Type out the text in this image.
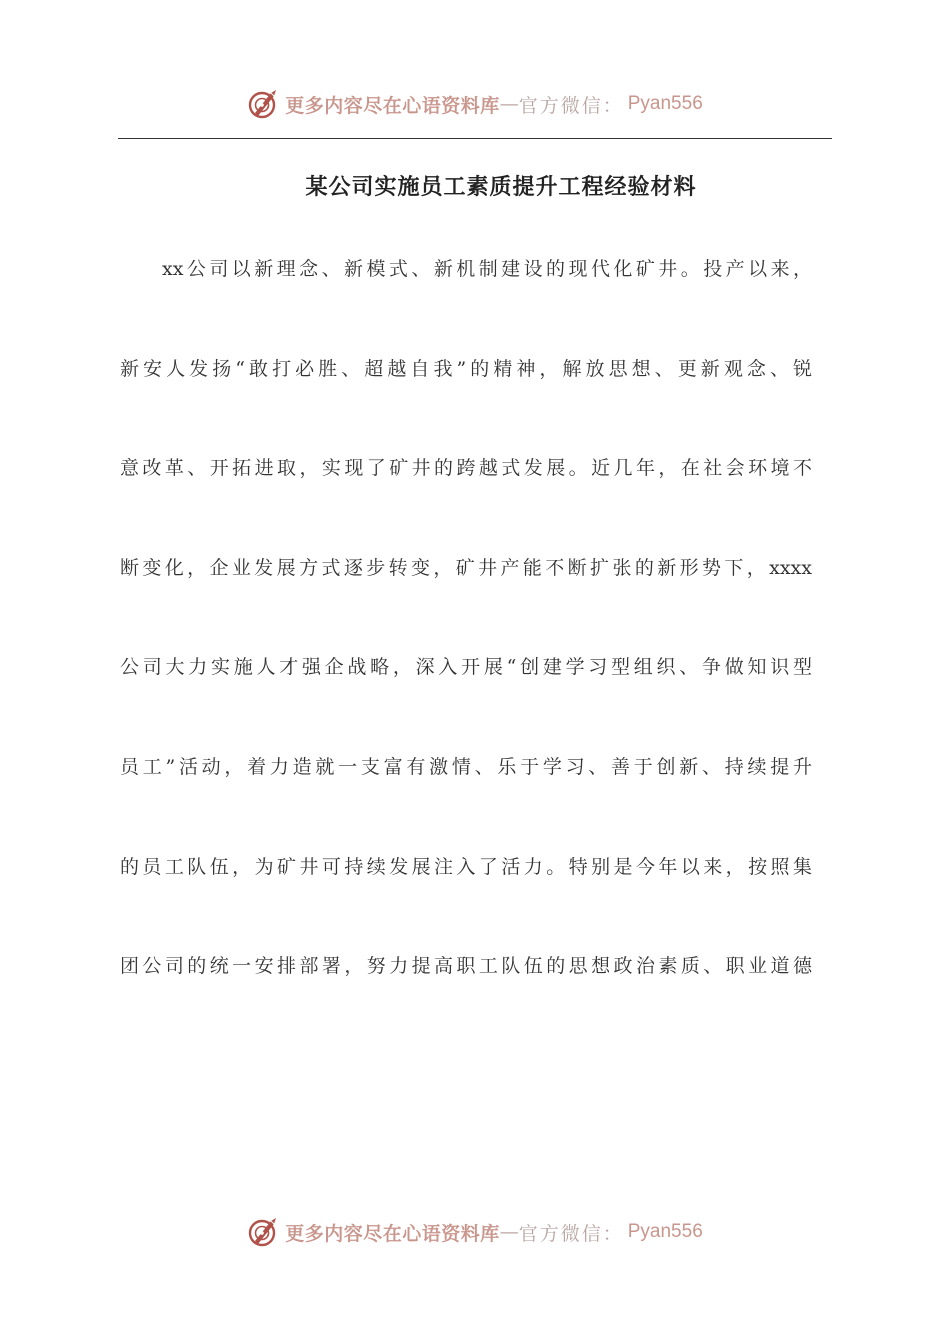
更多内容尽在心语资料库 — 官方微信： Pyan556
某公司实施员工素质提升工程经验材料
xx公司以新理念、新模式、新机制建设的现代化矿井。投产以来，
新安人发扬“敢打必胜、超越自我”的精神，解放思想、更新观念、锐
意改革、开拓进取，实现了矿井的跨越式发展。近几年，在社会环境不
断变化，企业发展方式逐步转变，矿井产能不断扩张的新形势下，xxxx
公司大力实施人才强企战略，深入开展“创建学习型组织、争做知识型
员工”活动，着力造就一支富有激情、乐于学习、善于创新、持续提升
的员工队伍，为矿井可持续发展注入了活力。特别是今年以来，按照集
团公司的统一安排部署，努力提高职工队伍的思想政治素质、职业道德
更多内容尽在心语资料库 — 官方微信： Pyan556
